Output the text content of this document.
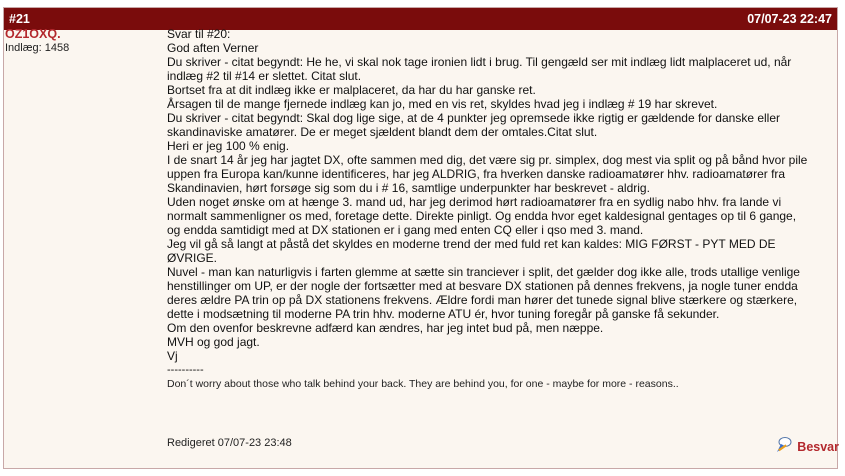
#21	07/07-23 22:47
OZ1OXQ.
Indlæg: 1458

Svar til #20:

God aften Verner

Du skriver - citat begyndt: He he, vi skal nok tage ironien lidt i brug. Til gengæld ser mit indlæg lidt malplaceret ud, når

indlæg #2 til #14 er slettet. Citat slut.

Bortset fra at dit indlæg ikke er malplaceret, da har du har ganske ret.

Årsagen til de mange fjernede indlæg kan jo, med en vis ret, skyldes hvad jeg i indlæg # 19 har skrevet.

Du skriver - citat begyndt: Skal dog lige sige, at de 4 punkter jeg opremsede ikke rigtig er gældende for danske eller

skandinaviske amatører. De er meget sjældent blandt dem der omtales.Citat slut.

Heri er jeg 100 % enig.

I de snart 14 år jeg har jagtet DX, ofte sammen med dig, det være sig pr. simplex, dog mest via split og på bånd hvor pile

uppen fra Europa kan/kunne identificeres, har jeg ALDRIG, fra hverken danske radioamatører hhv. radioamatører fra

Skandinavien, hørt forsøge sig som du i # 16, samtlige underpunkter har beskrevet - aldrig.

Uden noget ønske om at hænge 3. mand ud, har jeg derimod hørt radioamatører fra en sydlig nabo hhv. fra lande vi

normalt sammenligner os med, foretage dette. Direkte pinligt. Og endda hvor eget kaldesignal gentages op til 6 gange,

og endda samtidigt med at DX stationen er i gang med enten CQ eller i qso med 3. mand.

Jeg vil gå så langt at påstå det skyldes en moderne trend der med fuld ret kan kaldes: MIG FØRST - PYT MED DE

ØVRIGE.

Nuvel - man kan naturligvis i farten glemme at sætte sin tranciever i split, det gælder dog ikke alle, trods utallige venlige

henstillinger om UP, er der nogle der fortsætter med at besvare DX stationen på dennes frekvens, ja nogle tuner endda

deres ældre PA trin op på DX stationens frekvens. Ældre fordi man hører det tunede signal blive stærkere og stærkere,

dette i modsætning til moderne PA trin hhv. moderne ATU ér, hvor tuning foregår på ganske få sekunder.

Om den ovenfor beskrevne adfærd kan ændres, har jeg intet bud på, men næppe.

MVH og god jagt.

Vj

----------

Don´t worry about those who talk behind your back. They are behind you, for one - maybe for more - reasons..

Redigeret 07/07-23 23:48	Besvar
